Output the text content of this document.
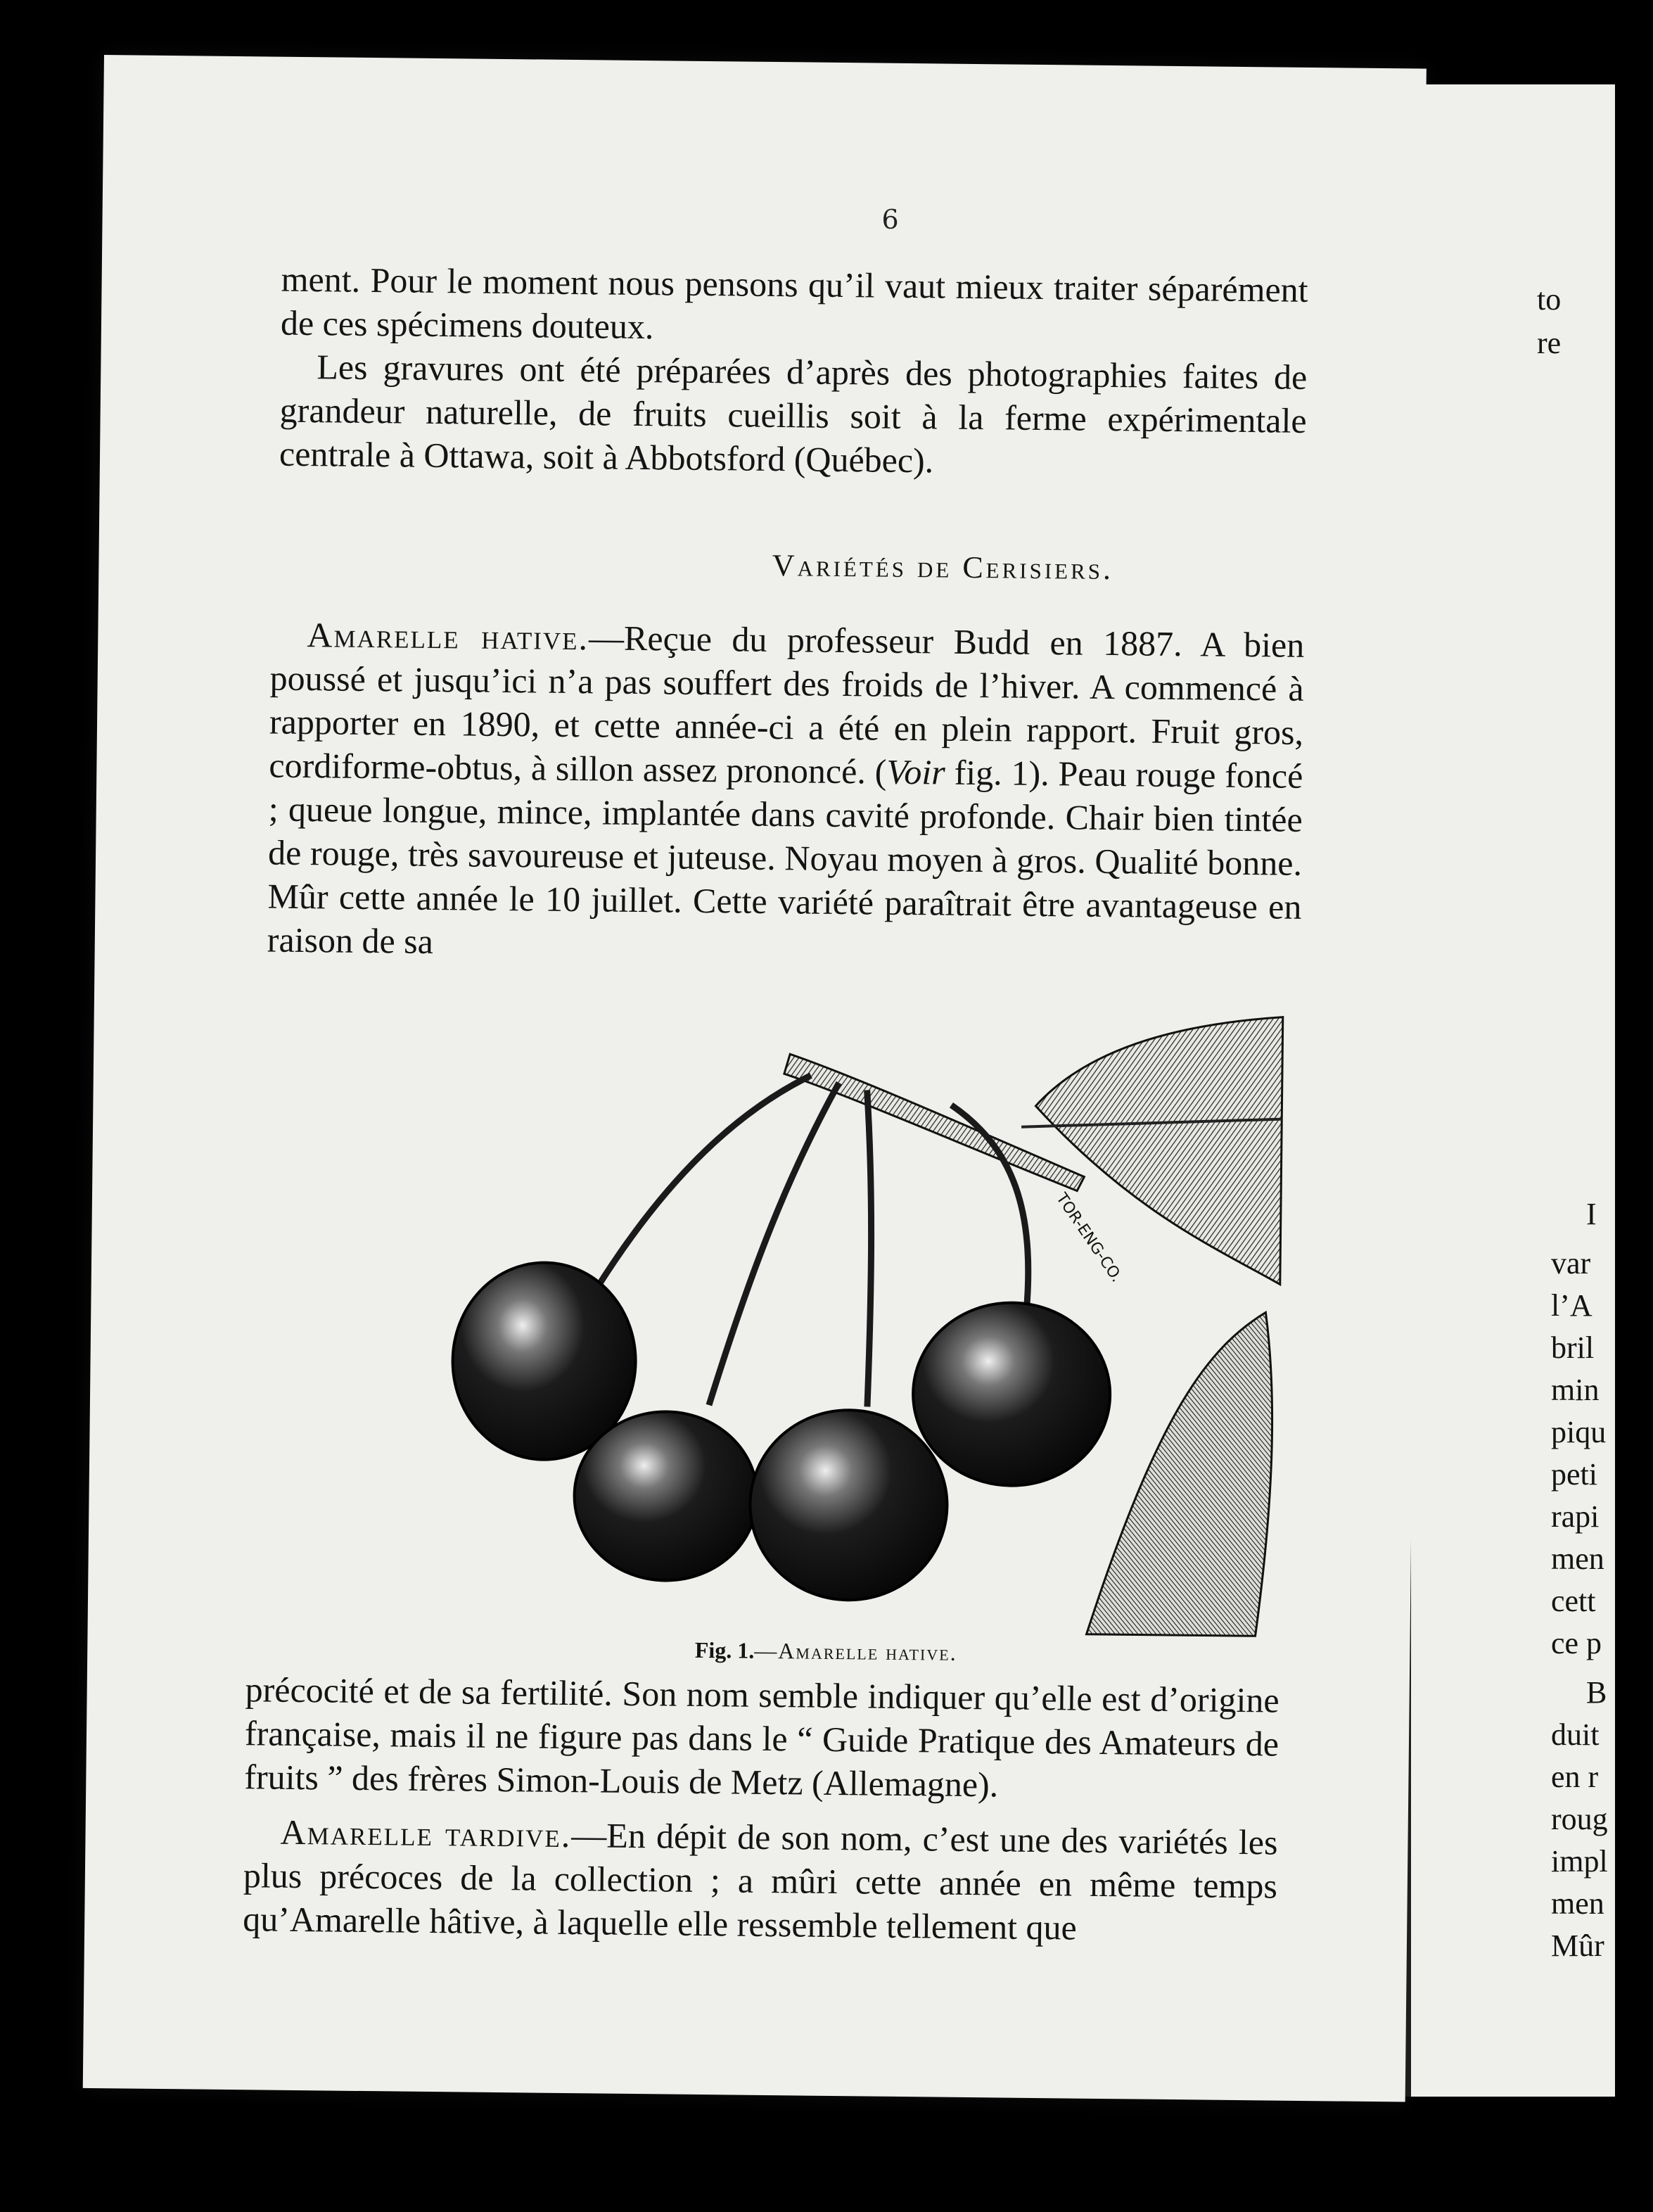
to
re
I
var
l’A
bril
min
piqu
peti
rapi
men
cett
ce p
B
duit
en r
roug
impl
men
Mûr
6

ment. Pour le moment nous pensons qu’il vaut mieux traiter séparément de ces spécimens douteux.

Les gravures ont été préparées d’après des photographies faites de grandeur naturelle, de fruits cueillis soit à la ferme expérimentale centrale à Ottawa, soit à Abbotsford (Québec).

Variétés de Cerisiers.

Amarelle hative.—Reçue du professeur Budd en 1887. A bien poussé et jusqu’ici n’a pas souffert des froids de l’hiver. A commencé à rapporter en 1890, et cette année-ci a été en plein rapport. Fruit gros, cordiforme-obtus, à sillon assez prononcé. (Voir fig. 1). Peau rouge foncé ; queue longue, mince, implantée dans cavité profonde. Chair bien tintée de rouge, très savoureuse et juteuse. Noyau moyen à gros. Qualité bonne. Mûr cette année le 10 juillet. Cette variété paraîtrait être avantageuse en raison de sa

TOR-ENG-CO.
Fig. 1.—Amarelle hative.

précocité et de sa fertilité. Son nom semble indiquer qu’elle est d’origine française, mais il ne figure pas dans le “ Guide Pratique des Amateurs de fruits ” des frères Simon-Louis de Metz (Allemagne).

Amarelle tardive.—En dépit de son nom, c’est une des variétés les plus précoces de la collection ; a mûri cette année en même temps qu’Amarelle hâtive, à laquelle elle ressemble tellement que
